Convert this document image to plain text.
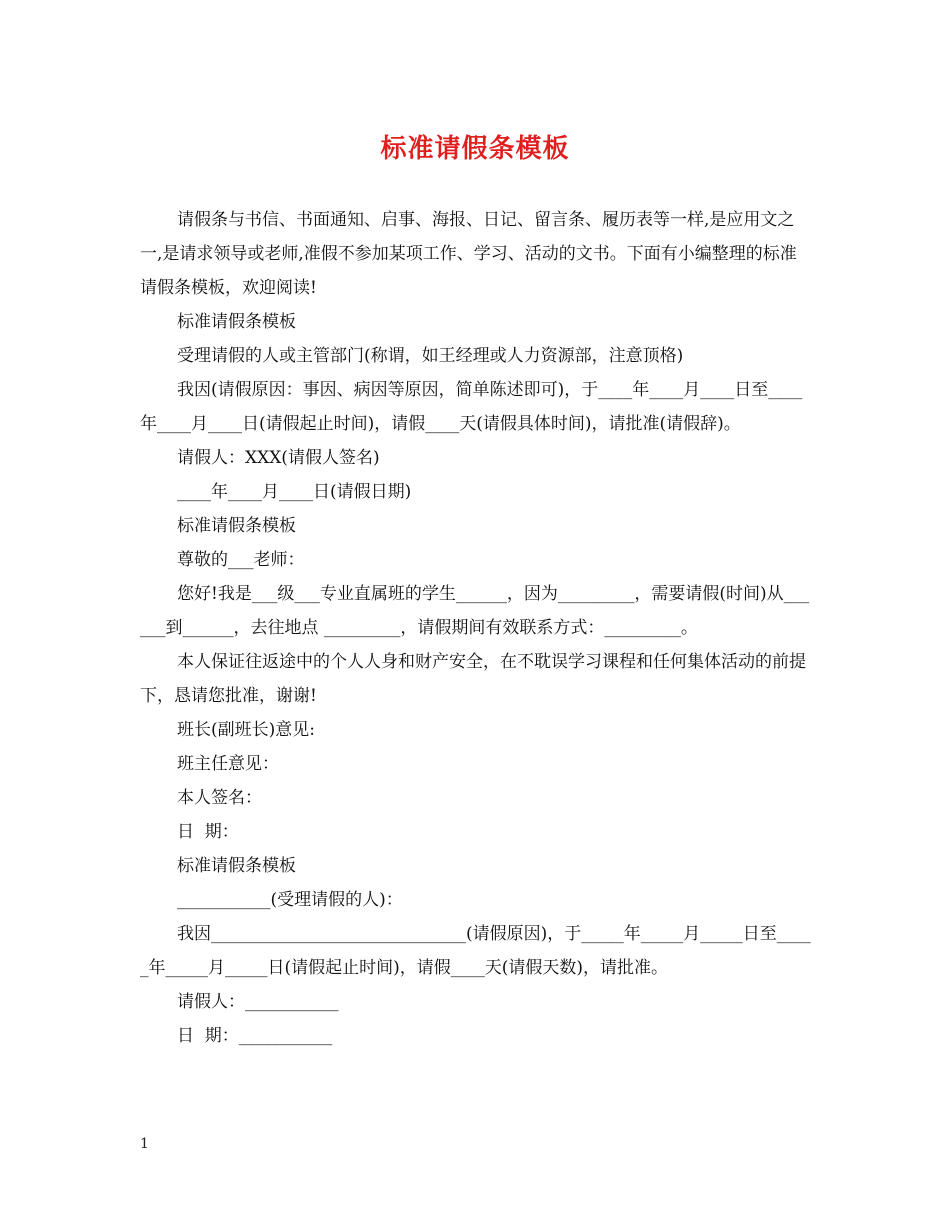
标准请假条模板

请假条与书信、书面通知、启事、海报、日记、留言条、履历表等一样,是应用文之一,是请求领导或老师,准假不参加某项工作、学习、活动的文书。下面有小编整理的标准请假条模板，欢迎阅读!

标准请假条模板

受理请假的人或主管部门(称谓，如王经理或人力资源部，注意顶格)

我因(请假原因：事因、病因等原因，简单陈述即可)，于____年____月____日至____年____月____日(请假起止时间)，请假____天(请假具体时间)，请批准(请假辞)。

请假人：XXX(请假人签名)

____年____月____日(请假日期)

标准请假条模板

尊敬的___老师：

您好!我是___级___专业直属班的学生______，因为_________，需要请假(时间)从______到______，去往地点 _________，请假期间有效联系方式：_________。

本人保证往返途中的个人人身和财产安全，在不耽误学习课程和任何集体活动的前提下，恳请您批准，谢谢!

班长(副班长)意见:

班主任意见：

本人签名：

日  期：

标准请假条模板

___________(受理请假的人)：

我因______________________________(请假原因)，于_____年_____月_____日至_____年_____月_____日(请假起止时间)，请假____天(请假天数)，请批准。

请假人：___________

日  期：___________

1
